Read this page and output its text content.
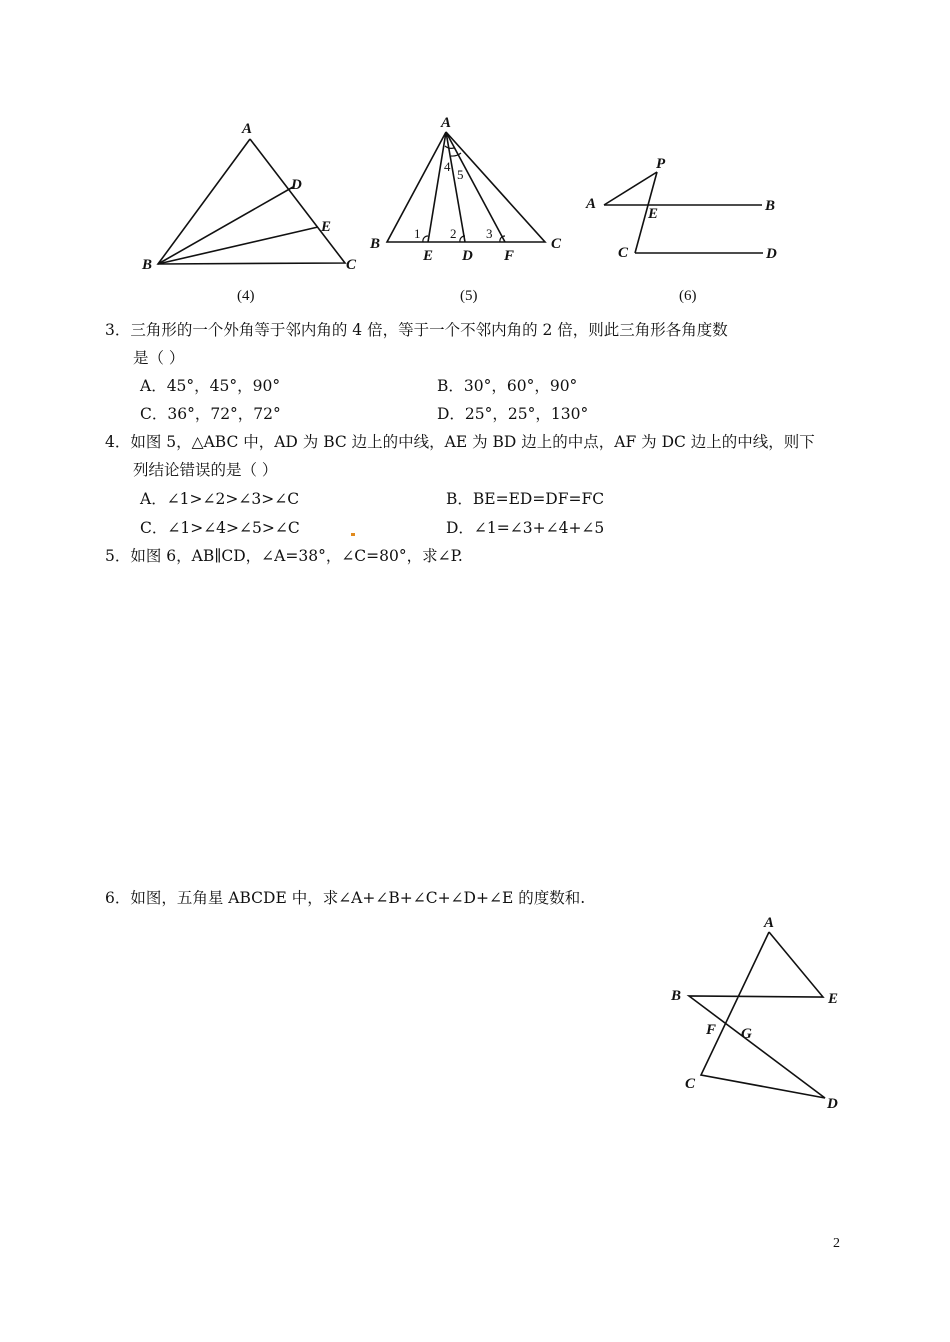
A
B	C
D
E
(4)
A
B	C
E D F
1 2 3
4
5
(5)
P
A	B
E
C	D
(6)
3．三角形的一个外角等于邻内角的 4 倍，等于一个不邻内角的 2 倍，则此三角形各角度数
是（ ）
A．45°，45°，90°	B．30°，60°，90°
C．36°，72°，72°	D．25°，25°，130°
4．如图 5，△ABC 中，AD 为 BC 边上的中线，AE 为 BD 边上的中点，AF 为 DC 边上的中线，则下
列结论错误的是（ ）
A．∠1>∠2>∠3>∠C	B．BE=ED=DF=FC
C．∠1>∠4>∠5>∠C	D．∠1=∠3+∠4+∠5
5．如图 6，AB∥CD，∠A=38°，∠C=80°，求∠P.
6．如图，五角星 ABCDE 中，求∠A+∠B+∠C+∠D+∠E 的度数和.
A
B	E
F G
C
D
2
